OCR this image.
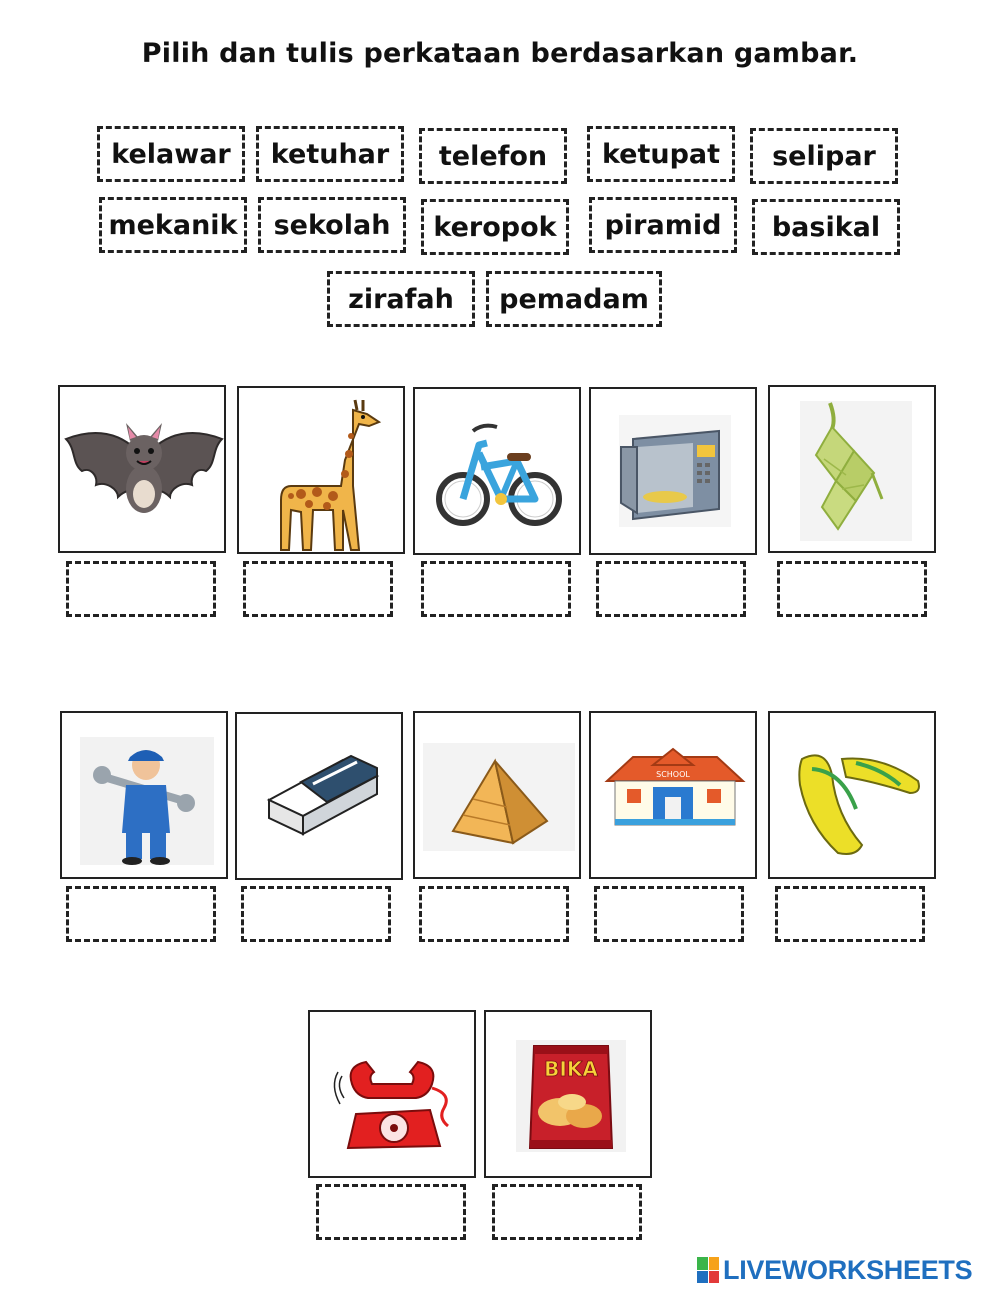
Pilih dan tulis perkataan berdasarkan gambar.
kelawar	ketuhar	telefon	ketupat	selipar
mekanik	sekolah	keropok	piramid	basikal
zirafah	pemadam
SCHOOL
BIKA
LIVEWORKSHEETS
